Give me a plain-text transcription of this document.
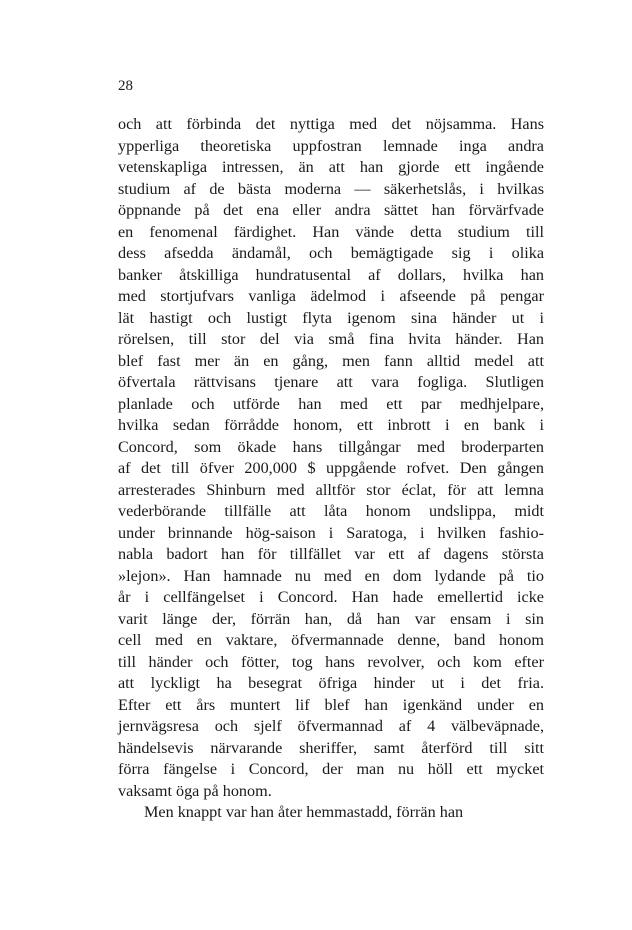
28
och att förbinda det nyttiga med det nöjsamma. Hans
ypperliga theoretiska uppfostran lemnade inga andra
vetenskapliga intressen, än att han gjorde ett ingående
studium af de bästa moderna — säkerhetslås, i hvilkas
öppnande på det ena eller andra sättet han förvärfvade
en fenomenal färdighet. Han vände detta studium till
dess afsedda ändamål, och bemägtigade sig i olika
banker åtskilliga hundratusental af dollars, hvilka han
med stortjufvars vanliga ädelmod i afseende på pengar
lät hastigt och lustigt flyta igenom sina händer ut i
rörelsen, till stor del via små fina hvita händer. Han
blef fast mer än en gång, men fann alltid medel att
öfvertala rättvisans tjenare att vara fogliga. Slutligen
planlade och utförde han med ett par medhjelpare,
hvilka sedan förrådde honom, ett inbrott i en bank i
Concord, som ökade hans tillgångar med broderparten
af det till öfver 200,000 $ uppgående rofvet. Den gången
arresterades Shinburn med alltför stor éclat, för att lemna
vederbörande tillfälle att låta honom undslippa, midt
under brinnande hög-saison i Saratoga, i hvilken fashio-
nabla badort han för tillfället var ett af dagens största
»lejon». Han hamnade nu med en dom lydande på tio
år i cellfängelset i Concord. Han hade emellertid icke
varit länge der, förrän han, då han var ensam i sin
cell med en vaktare, öfvermannade denne, band honom
till händer och fötter, tog hans revolver, och kom efter
att lyckligt ha besegrat öfriga hinder ut i det fria.
Efter ett års muntert lif blef han igenkänd under en
jernvägsresa och sjelf öfvermannad af 4 välbeväpnade,
händelsevis närvarande sheriffer, samt återförd till sitt
förra fängelse i Concord, der man nu höll ett mycket
vaksamt öga på honom.
Men knappt var han åter hemmastadd, förrän han
